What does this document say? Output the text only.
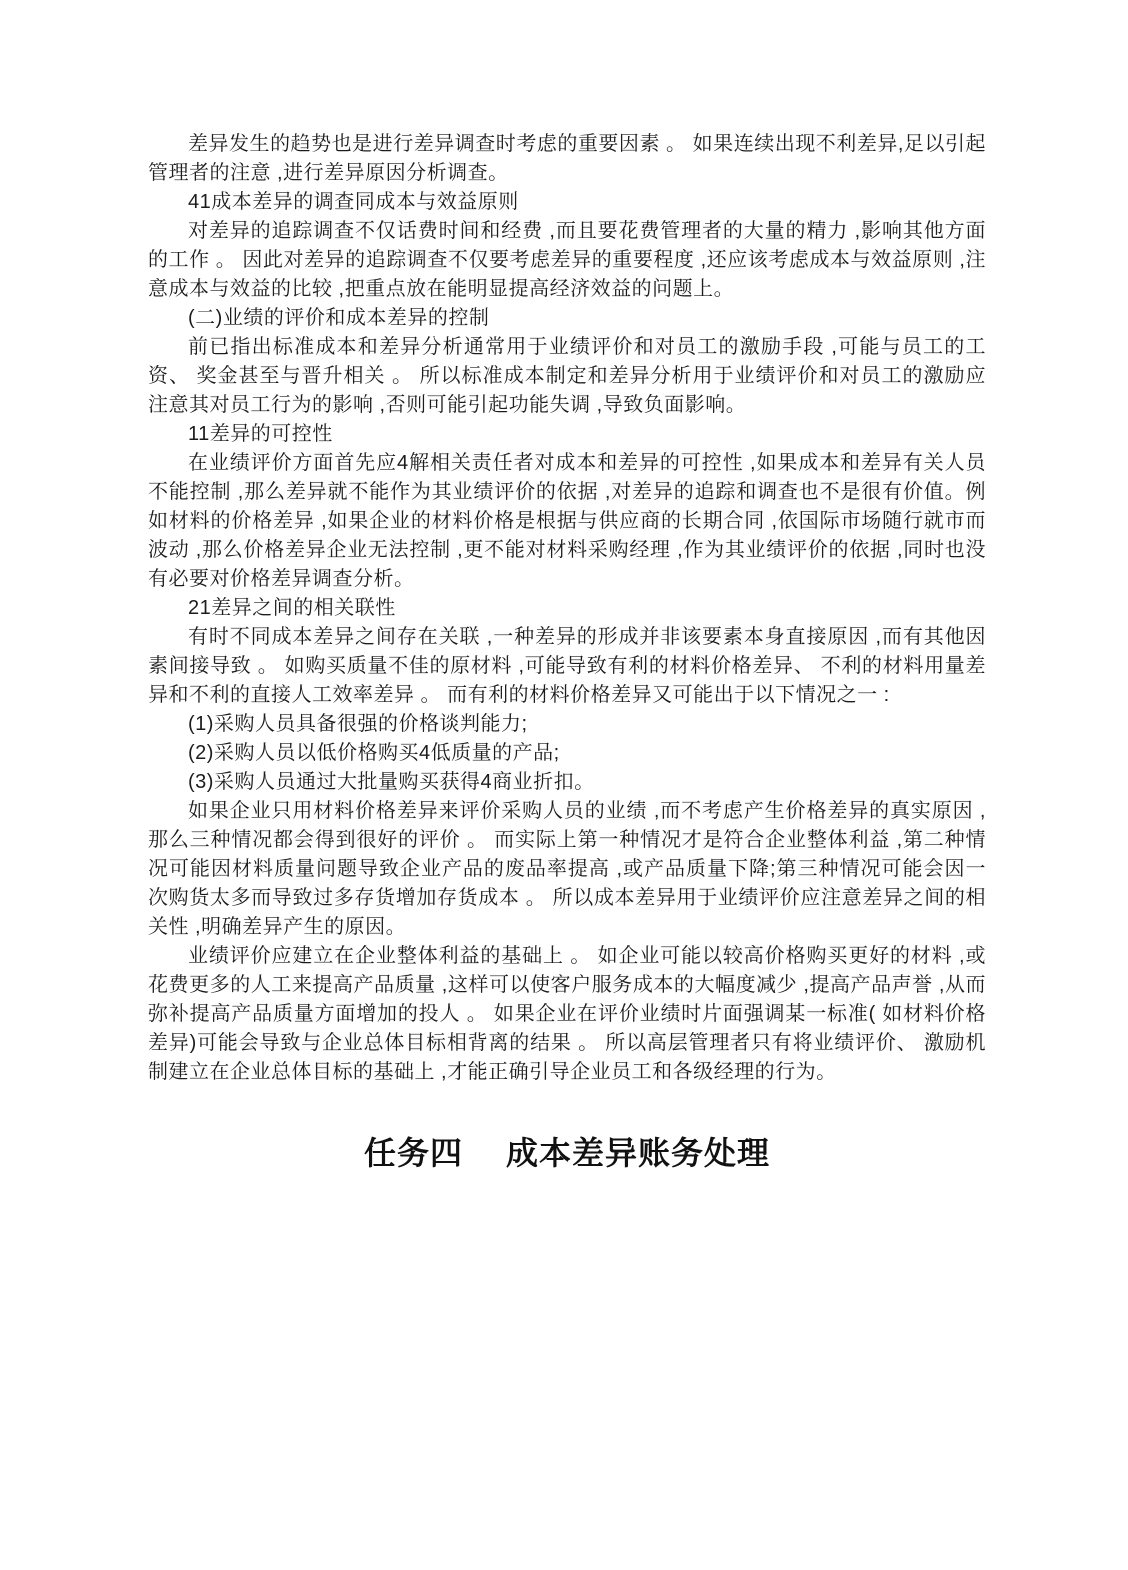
差异发生的趋势也是进行差异调查时考虑的重要因素 。 如果连续出现不利差异,足以引起管理者的注意 ,进行差异原因分析调查。

41成本差异的调查同成本与效益原则

对差异的追踪调查不仅话费时间和经费 ,而且要花费管理者的大量的精力 ,影响其他方面的工作 。 因此对差异的追踪调查不仅要考虑差异的重要程度 ,还应该考虑成本与效益原则 ,注意成本与效益的比较 ,把重点放在能明显提高经济效益的问题上。

(二)业绩的评价和成本差异的控制

前已指出标准成本和差异分析通常用于业绩评价和对员工的激励手段 ,可能与员工的工资、 奖金甚至与晋升相关 。 所以标准成本制定和差异分析用于业绩评价和对员工的激励应注意其对员工行为的影响 ,否则可能引起功能失调 ,导致负面影响。

11差异的可控性

在业绩评价方面首先应4解相关责任者对成本和差异的可控性 ,如果成本和差异有关人员不能控制 ,那么差异就不能作为其业绩评价的依据 ,对差异的追踪和调查也不是很有价值。例如材料的价格差异 ,如果企业的材料价格是根据与供应商的长期合同 ,依国际市场随行就市而波动 ,那么价格差异企业无法控制 ,更不能对材料采购经理 ,作为其业绩评价的依据 ,同时也没有必要对价格差异调查分析。

21差异之间的相关联性

有时不同成本差异之间存在关联 ,一种差异的形成并非该要素本身直接原因 ,而有其他因素间接导致 。 如购买质量不佳的原材料 ,可能导致有利的材料价格差异、 不利的材料用量差异和不利的直接人工效率差异 。 而有利的材料价格差异又可能出于以下情况之一 :

(1)采购人员具备很强的价格谈判能力;

(2)采购人员以低价格购买4低质量的产品;

(3)采购人员通过大批量购买获得4商业折扣。

如果企业只用材料价格差异来评价采购人员的业绩 ,而不考虑产生价格差异的真实原因 ,那么三种情况都会得到很好的评价 。 而实际上第一种情况才是符合企业整体利益 ,第二种情况可能因材料质量问题导致企业产品的废品率提高 ,或产品质量下降;第三种情况可能会因一次购货太多而导致过多存货增加存货成本 。 所以成本差异用于业绩评价应注意差异之间的相关性 ,明确差异产生的原因。

业绩评价应建立在企业整体利益的基础上 。 如企业可能以较高价格购买更好的材料 ,或花费更多的人工来提高产品质量 ,这样可以使客户服务成本的大幅度减少 ,提高产品声誉 ,从而弥补提高产品质量方面增加的投人 。 如果企业在评价业绩时片面强调某一标准( 如材料价格差异)可能会导致与企业总体目标相背离的结果 。 所以高层管理者只有将业绩评价、 激励机制建立在企业总体目标的基础上 ,才能正确引导企业员工和各级经理的行为。

任务四　 成本差异账务处理
